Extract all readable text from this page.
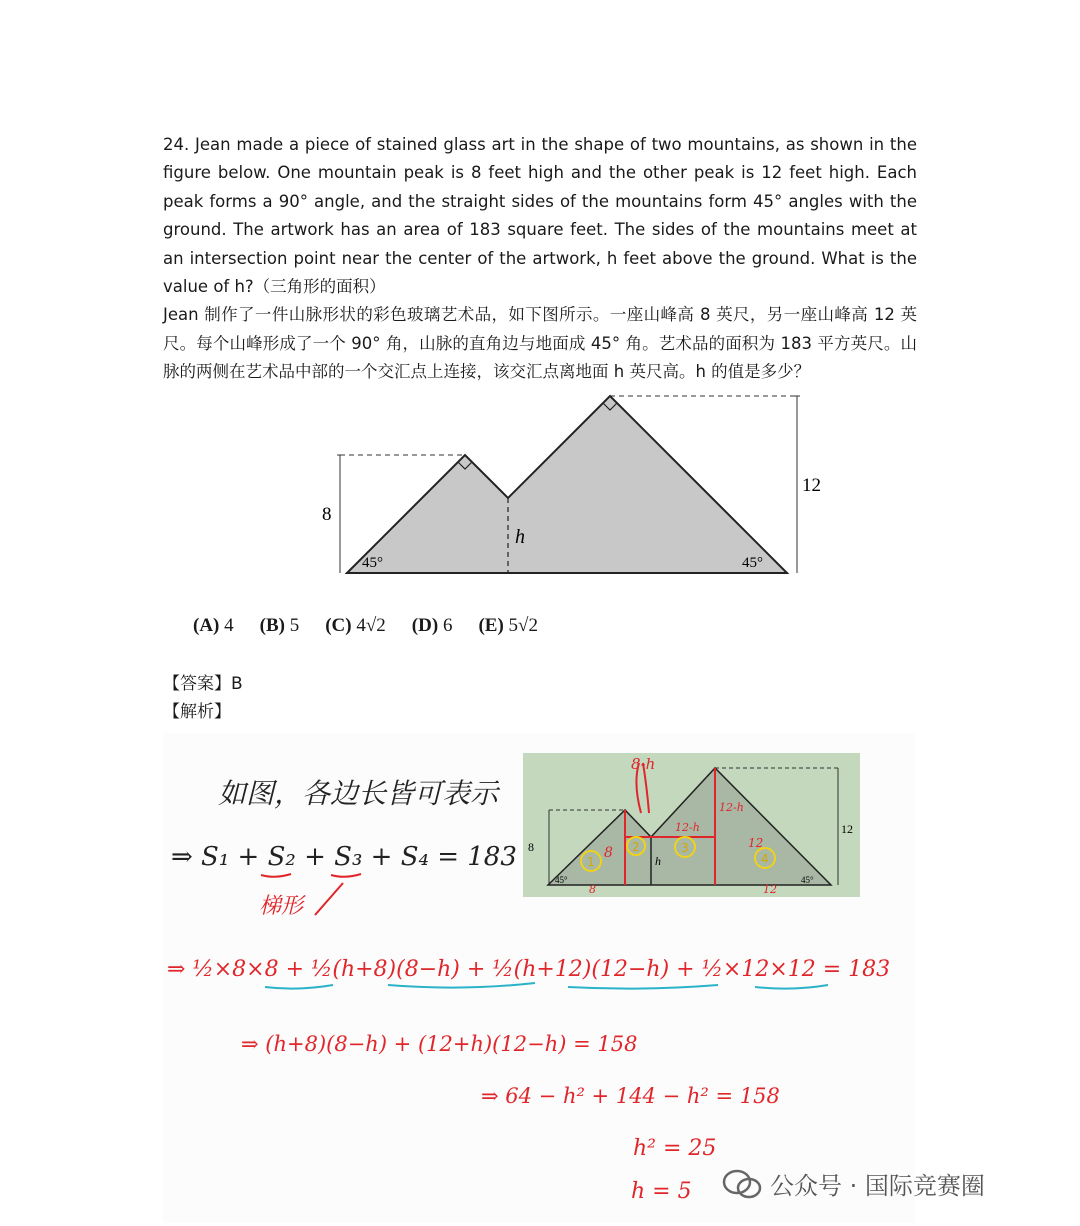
24. Jean made a piece of stained glass art in the shape of two mountains, as shown in the figure below. One mountain peak is 8 feet high and the other peak is 12 feet high. Each peak forms a 90° angle, and the straight sides of the mountains form 45° angles with the ground. The artwork has an area of 183 square feet. The sides of the mountains meet at an intersection point near the center of the artwork, h feet above the ground. What is the value of h?（三角形的面积）

Jean 制作了一件山脉形状的彩色玻璃艺术品，如下图所示。一座山峰高 8 英尺，另一座山峰高 12 英尺。每个山峰形成了一个 90° 角，山脉的直角边与地面成 45° 角。艺术品的面积为 183 平方英尺。山脉的两侧在艺术品中部的一个交汇点上连接，该交汇点离地面 h 英尺高。h 的值是多少？

8
12
h
45°	45°
(A) 4 (B) 5 (C) 4√2 (D) 6 (E) 5√2
【答案】B
【解析】
如图，各边长皆可表示
⇒ S₁ + S₂ + S₃ + S₄ = 183
梯形
⇒ ½×8×8 + ½(h+8)(8−h) + ½(h+12)(12−h) + ½×12×12 = 183
⇒ (h+8)(8−h) + (12+h)(12−h) = 158
⇒ 64 − h² + 144 − h² = 158
h² = 25
h = 5
8-h
12-h
12-h
8
12
8	12
1
2	3
4
8
12
h
45°	45°
公众号 · 国际竞赛圈
